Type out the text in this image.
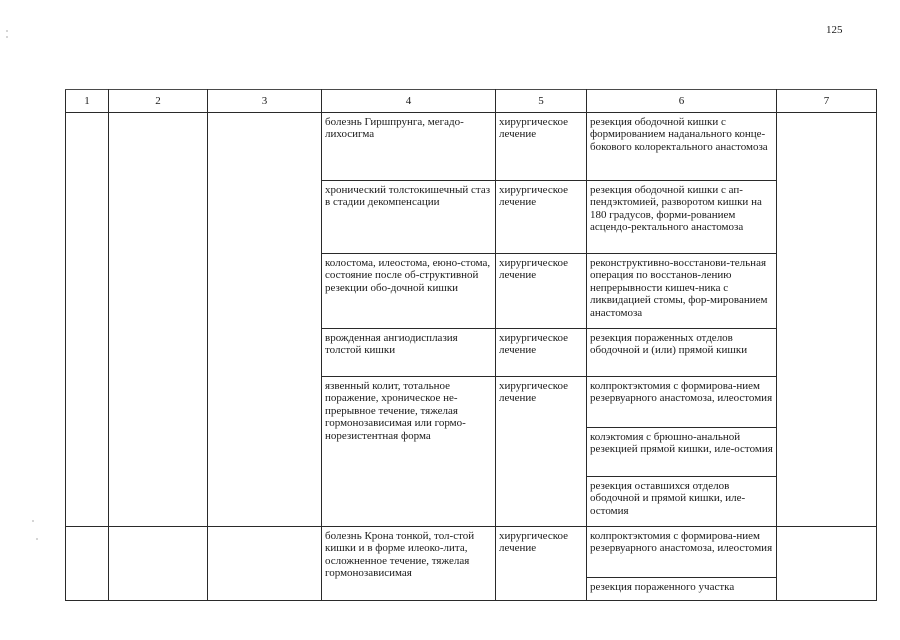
125
1	2	3	4	5	6	7
			болезнь Гиршпрунга, мегадо-лихосигма	хирургическое лечение	резекция ободочной кишки с формированием наданального конце-бокового колоректального анастомоза	
			хронический толстокишечный стаз в стадии декомпенсации	хирургическое лечение	резекция ободочной кишки с ап-пендэктомией, разворотом кишки на 180 градусов, форми-рованием асцендо-ректального анастомоза	
			колостома, илеостома, еюно-стома, состояние после об-структивной резекции обо-дочной кишки	хирургическое лечение	реконструктивно-восстанови-тельная операция по восстанов-лению непрерывности кишеч-ника с ликвидацией стомы, фор-мированием анастомоза	
			врожденная ангиодисплазия толстой кишки	хирургическое лечение	резекция пораженных отделов ободочной и (или) прямой кишки	
			язвенный колит, тотальное поражение, хроническое не-прерывное течение, тяжелая гормонозависимая или гормо-норезистентная форма	хирургическое лечение	колпроктэктомия с формирова-нием резервуарного анастомоза, илеостомия	
					колэктомия с брюшно-анальной резекцией прямой кишки, иле-остомия	
					резекция оставшихся отделов ободочной и прямой кишки, иле-остомия	
			болезнь Крона тонкой, тол-стой кишки и в форме илеоко-лита, осложненное течение, тяжелая гормонозависимая	хирургическое лечение	колпроктэктомия с формирова-нием резервуарного анастомоза, илеостомия	
					резекция пораженного участка	
